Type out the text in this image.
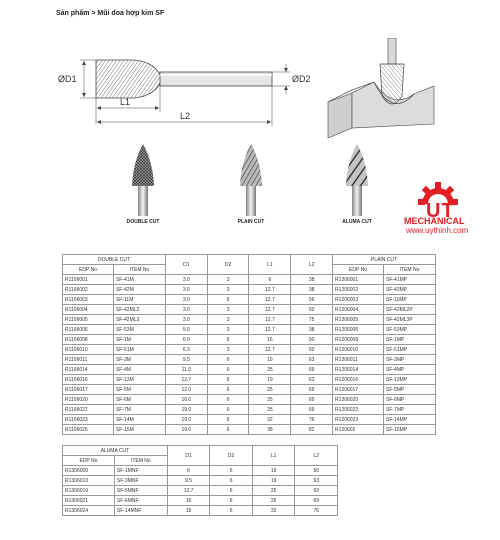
Sản phẩm > Mũi doa hợp kim SF
ØD1	ØD2
L1
L2
DOUBLE CUT	PLAIN CUT	ALUMA CUT	UT
MECHANICAL
www.uythinh.com
DOUBLE CUT		D1	D2	L1	L2	PLAIN CUT	
EDP No	ITEM No					EDP No	ITEM No
R1106001	SF-41M	3.0	3	6	38	R1206001	SF-41MP
R1106002	SF-42M	3.0	3	12.7	38	R1206002	SF-42MP
R1106003	SF-11M	3.0	6	12.7	56	R1206003	SF-11MP
R1106004	SF-42ML2	3.0	3	12.7	50	R1206004	SF-42ML2P
R1106005	SF-42ML3	3.0	3	12.7	75	R1206005	SF-42ML3P
R1106006	SF-53M	5.0	3	12.7	38	R1206006	SF-53MP
R1106008	SF-1M	6.0	6	16	50	R1206008	SF-1MP
R1106010	SF-51M	6.3	3	12.7	50	R1206010	SF-51MP
R1106011	SF-3M	9.5	6	19	63	R1206011	SF-3MP
R1106014	SF-4M	11.0	6	25	69	R1206014	SF-4MP
R1106016	SF-13M	12.7	6	19	63	R1206016	SF-13MP
R1106017	SF-5M	12.0	6	25	69	R1206017	SF-5MP
R1106020	SF-6M	16.0	6	25	69	R1206020	SF-6MP
R1106022	SF-7M	19.0	6	25	69	R1206022	SF-7MP
R1106023	SF-14M	19.0	6	32	76	R1206023	SF-14MP
R1106026	SF-15M	19.0	6	38	82	R120602	SF-15MP
ALUMA CUT		D1	D2	L1	L2
EDP No	ITEM No				
R1306009	SF-1MNF	6	6	19	50
R1306013	SF-3MNF	9.5	6	19	63
R1306019	SF-5MNF	12.7	6	25	69
R1306021	SF-6MNF	16	6	25	69
R1306024	SF-14MNF	19	6	32	76
